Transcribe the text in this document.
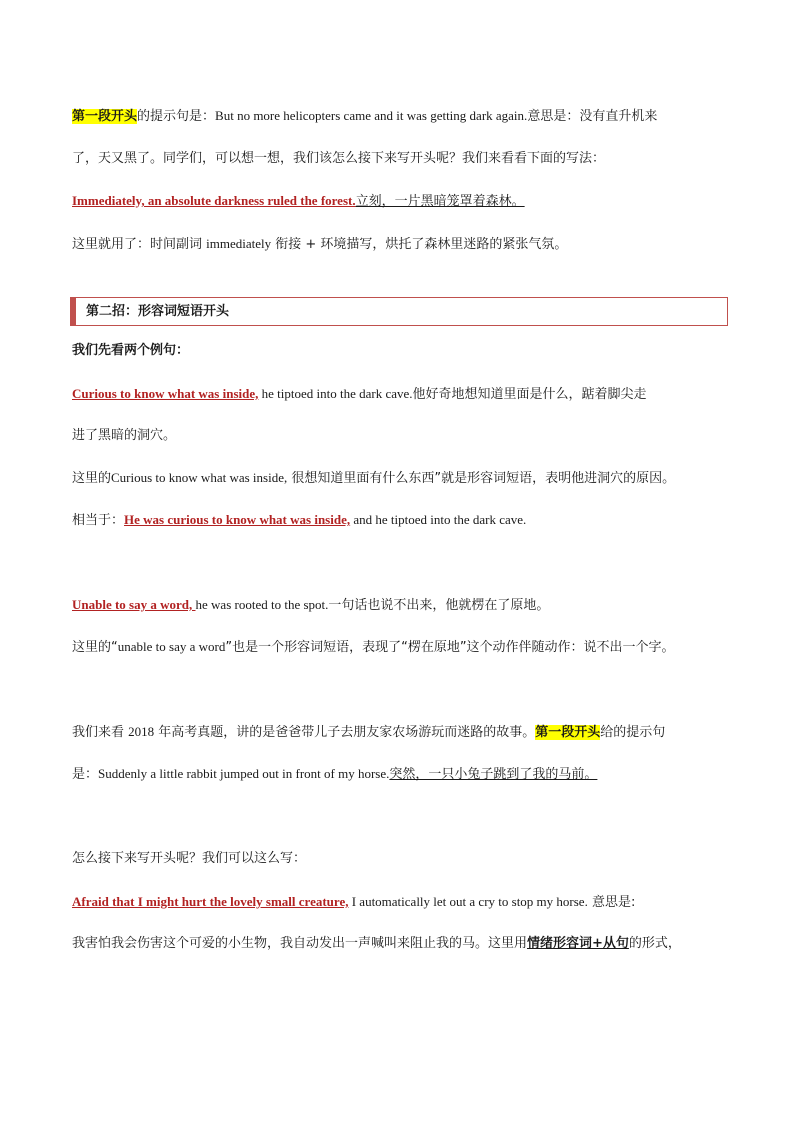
第一段开头的提示句是：But no more helicopters came and it was getting dark again.意思是：没有直升机来
了，天又黑了。同学们，可以想一想，我们该怎么接下来写开头呢？我们来看看下面的写法：
Immediately, an absolute darkness ruled the forest.立刻，一片黑暗笼罩着森林。
这里就用了：时间副词 immediately 衔接 + 环境描写，烘托了森林里迷路的紧张气氛。
第二招：形容词短语开头
我们先看两个例句：
Curious to know what was inside, he tiptoed into the dark cave.他好奇地想知道里面是什么，踮着脚尖走
进了黑暗的洞穴。
这里的Curious to know what was inside, 很想知道里面有什么东西”就是形容词短语，表明他进洞穴的原因。
相当于：He was curious to know what was inside, and he tiptoed into the dark cave.
Unable to say a word, he was rooted to the spot.一句话也说不出来，他就楞在了原地。
这里的“unable to say a word”也是一个形容词短语，表现了“楞在原地”这个动作伴随动作：说不出一个字。
我们来看 2018 年高考真题，讲的是爸爸带儿子去朋友家农场游玩而迷路的故事。第一段开头给的提示句
是：Suddenly a little rabbit jumped out in front of my horse.突然，一只小兔子跳到了我的马前。
怎么接下来写开头呢？我们可以这么写：
Afraid that I might hurt the lovely small creature, I automatically let out a cry to stop my horse. 意思是:
我害怕我会伤害这个可爱的小生物，我自动发出一声喊叫来阻止我的马。这里用情绪形容词+从句的形式，
